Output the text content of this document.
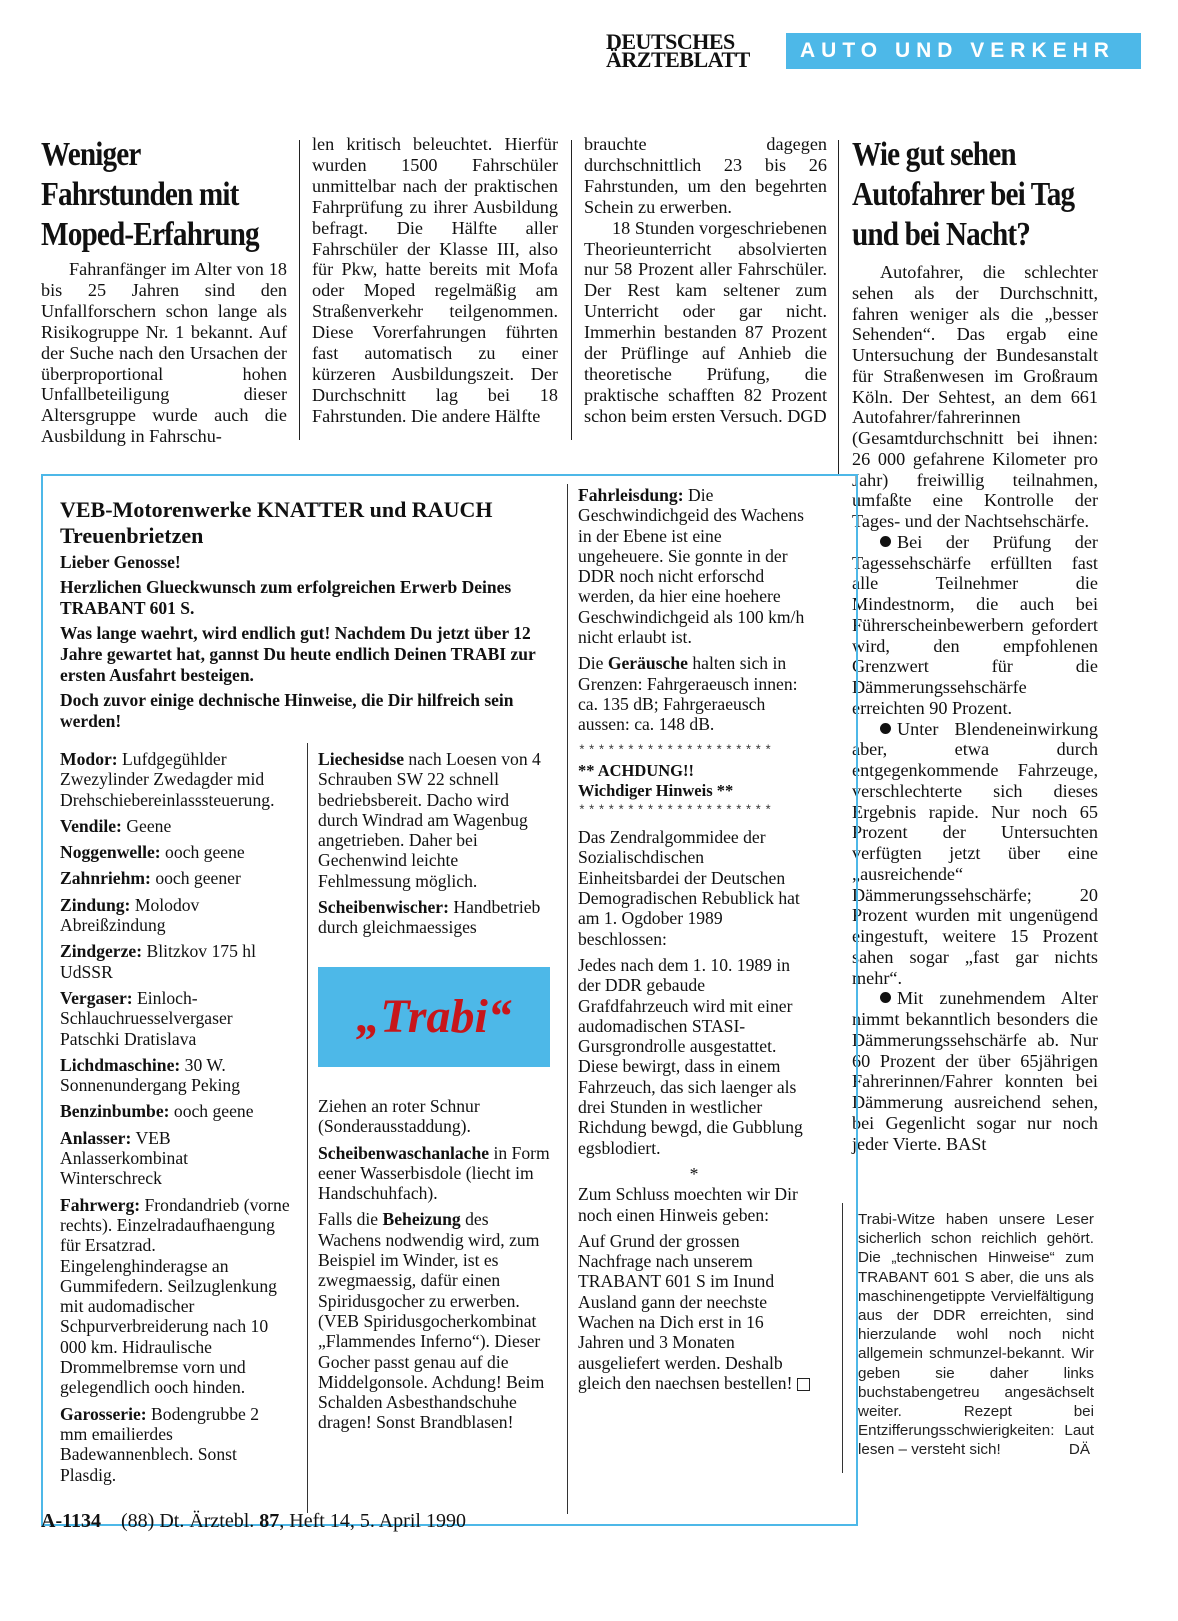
DEUTSCHES
ÄRZTEBLATT	AUTO UND VERKEHR
Weniger
Fahrstunden mit
Moped-Erfahrung

Fahranfänger im Alter von 18 bis 25 Jahren sind den Unfallforschern schon lange als Risikogruppe Nr. 1 bekannt. Auf der Suche nach den Ursachen der überproportional hohen Unfallbeteiligung dieser Altersgruppe wurde auch die Ausbildung in Fahrschu-

len kritisch beleuchtet. Hierfür wurden 1500 Fahrschüler unmittelbar nach der praktischen Fahrprüfung zu ihrer Ausbildung befragt. Die Hälfte aller Fahrschüler der Klasse III, also für Pkw, hatte bereits mit Mofa oder Moped regelmäßig am Straßenverkehr teilgenommen. Diese Vorerfahrungen führten fast automatisch zu einer kürzeren Ausbildungszeit. Der Durchschnitt lag bei 18 Fahrstunden. Die andere Hälfte

brauchte dagegen durchschnittlich 23 bis 26 Fahrstunden, um den begehrten Schein zu erwerben.

18 Stunden vorgeschriebenen Theorieunterricht absolvierten nur 58 Prozent aller Fahrschüler. Der Rest kam seltener zum Unterricht oder gar nicht. Immerhin bestanden 87 Prozent der Prüflinge auf Anhieb die theoretische Prüfung, die praktische schafften 82 Prozent schon beim ersten Versuch. DGD

Wie gut sehen
Autofahrer bei Tag
und bei Nacht?

Autofahrer, die schlechter sehen als der Durchschnitt, fahren weniger als die „besser Sehenden“. Das ergab eine Untersuchung der Bundesanstalt für Straßenwesen im Großraum Köln. Der Sehtest, an dem 661 Autofahrer/fahrerinnen (Gesamtdurchschnitt bei ihnen: 26 000 gefahrene Kilometer pro Jahr) freiwillig teilnahmen, umfaßte eine Kontrolle der Tages- und der Nachtsehschärfe.

Bei der Prüfung der Tagessehschärfe erfüllten fast alle Teilnehmer die Mindestnorm, die auch bei Führerscheinbewerbern gefordert wird, den empfohlenen Grenzwert für die Dämmerungssehschärfe erreichten 90 Prozent.

Unter Blendeneinwirkung aber, etwa durch entgegenkommende Fahrzeuge, verschlechterte sich dieses Ergebnis rapide. Nur noch 65 Prozent der Untersuchten verfügten jetzt über eine „ausreichende“ Dämmerungssehschärfe; 20 Prozent wurden mit ungenügend eingestuft, weitere 15 Prozent sahen sogar „fast gar nichts mehr“.

Mit zunehmendem Alter nimmt bekanntlich besonders die Dämmerungssehschärfe ab. Nur 60 Prozent der über 65jährigen Fahrerinnen/Fahrer konnten bei Dämmerung ausreichend sehen, bei Gegenlicht sogar nur noch jeder Vierte. BASt

VEB-Motorenwerke KNATTER und RAUCH Treuenbrietzen

Lieber Genosse!

Herzlichen Glueckwunsch zum erfolgreichen Erwerb Deines TRABANT 601 S.

Was lange waehrt, wird endlich gut! Nachdem Du jetzt über 12 Jahre gewartet hat, gannst Du heute endlich Deinen TRABI zur ersten Ausfahrt besteigen.

Doch zuvor einige dechnische Hinweise, die Dir hilfreich sein werden!

Modor: Lufdgegühlder Zwezylinder Zwedagder mid Drehschiebereinlasssteuerung.

Vendile: Geene

Noggenwelle: ooch geene

Zahnriehm: ooch geener

Zindung: Molodov Abreißzindung

Zindgerze: Blitzkov 175 hl UdSSR

Vergaser: Einloch-Schlauchruesselvergaser Patschki Dratislava

Lichdmaschine: 30 W. Sonnenundergang Peking

Benzinbumbe: ooch geene

Anlasser: VEB Anlasserkombinat Winterschreck

Fahrwerg: Frondandrieb (vorne rechts). Einzelradaufhaengung für Ersatzrad. Eingelenghinderagse an Gummifedern. Seilzuglenkung mit audomadischer Schpurverbreiderung nach 10 000 km. Hidraulische Drommelbremse vorn und gelegendlich ooch hinden.

Garosserie: Bodengrubbe 2 mm emailierdes Badewannenblech. Sonst Plasdig.

Liechesidse nach Loesen von 4 Schrauben SW 22 schnell bedriebsbereit. Dacho wird durch Windrad am Wagenbug angetrieben. Daher bei Gechenwind leichte Fehlmessung möglich.

Scheibenwischer: Handbetrieb durch gleichmaessiges

„Trabi“

Ziehen an roter Schnur (Sonderausstaddung).

Scheibenwaschanlache in Form eener Wasserbisdole (liecht im Handschuhfach).

Falls die Beheizung des Wachens nodwendig wird, zum Beispiel im Winder, ist es zwegmaessig, dafür einen Spiridusgocher zu erwerben. (VEB Spiridusgocherkombinat „Flammendes Inferno“). Dieser Gocher passt genau auf die Middelgonsole. Achdung! Beim Schalden Asbesthandschuhe dragen! Sonst Brandblasen!

Fahrleisdung: Die Geschwindichgeid des Wachens in der Ebene ist eine ungeheuere. Sie gonnte in der DDR noch nicht erforschd werden, da hier eine hoehere Geschwindichgeid als 100 km/h nicht erlaubt ist.

Die Geräusche halten sich in Grenzen: Fahrgeraeusch innen: ca. 135 dB; Fahrgeraeusch aussen: ca. 148 dB.

********************
** ACHDUNG!!
Wichdiger Hinweis **
********************

Das Zendralgommidee der Sozialischdischen Einheitsbardei der Deutschen Demogradischen Rebublick hat am 1. Ogdober 1989 beschlossen:

Jedes nach dem 1. 10. 1989 in der DDR gebaude Grafdfahrzeuch wird mit einer audomadischen STASI-Gursgrondrolle ausgestattet. Diese bewirgt, dass in einem Fahrzeuch, das sich laenger als drei Stunden in westlicher Richdung bewgd, die Gubblung egsblodiert.

*

Zum Schluss moechten wir Dir noch einen Hinweis geben:

Auf Grund der grossen Nachfrage nach unserem TRABANT 601 S im Inund Ausland gann der neechste Wachen na Dich erst in 16 Jahren und 3 Monaten ausgeliefert werden. Deshalb gleich den naechsen bestellen!

Trabi-Witze haben unsere Leser sicherlich schon reichlich gehört. Die „technischen Hinweise“ zum TRABANT 601 S aber, die uns als maschinengetippte Vervielfältigung aus der DDR erreichten, sind hierzulande wohl noch nicht allgemein schmunzel-bekannt. Wir geben sie daher links buchstabengetreu angesächselt weiter. Rezept bei Entzifferungsschwierigkeiten: Laut lesen – versteht sich!	DÄ
A-1134 (88) Dt. Ärztebl. 87, Heft 14, 5. April 1990
